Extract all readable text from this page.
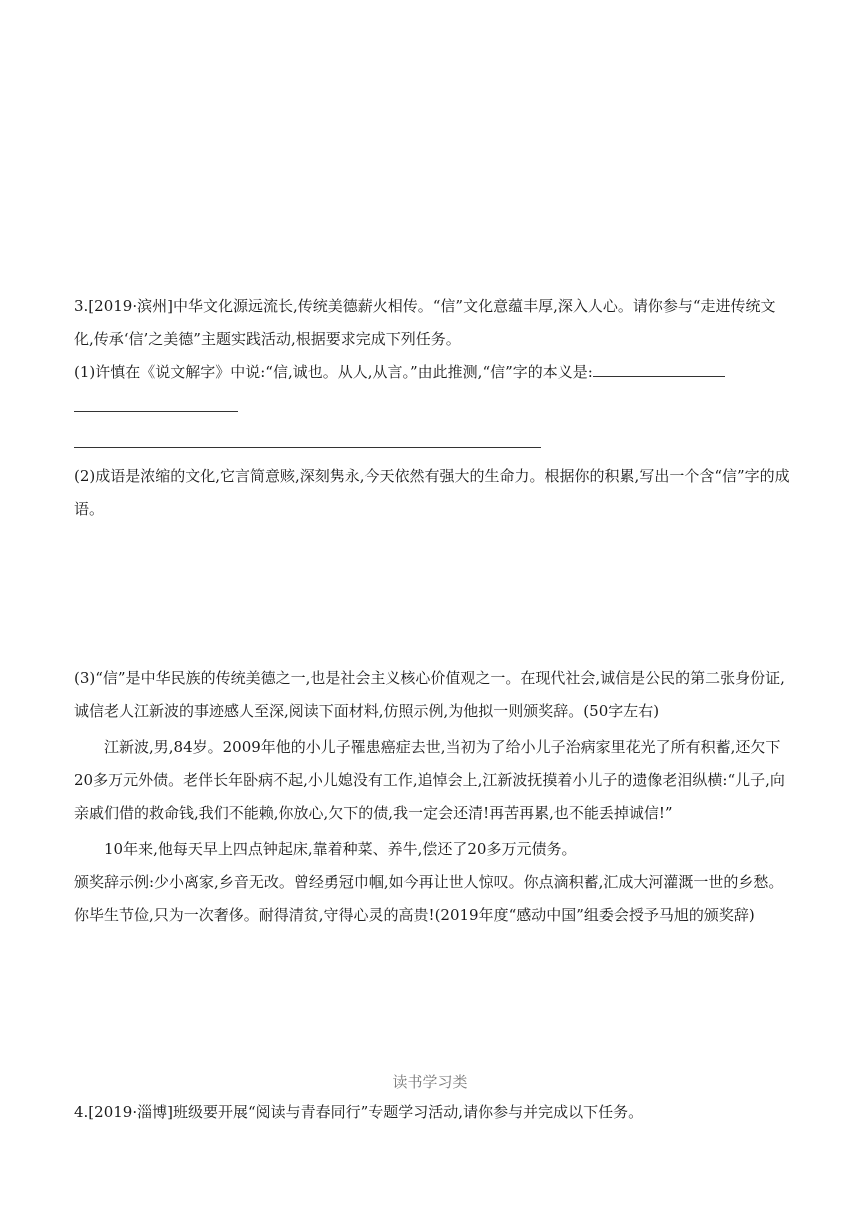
3.[2019·滨州]中华文化源远流长,传统美德薪火相传。“信”文化意蕴丰厚,深入人心。请你参与“走进传统文化,传承‘信’之美德”主题实践活动,根据要求完成下列任务。

(1)许慎在《说文解字》中说:“信,诚也。从人,从言。”由此推测,“信”字的本义是:

(2)成语是浓缩的文化,它言简意赅,深刻隽永,今天依然有强大的生命力。根据你的积累,写出一个含“信”字的成语。

(3)“信”是中华民族的传统美德之一,也是社会主义核心价值观之一。在现代社会,诚信是公民的第二张身份证,诚信老人江新波的事迹感人至深,阅读下面材料,仿照示例,为他拟一则颁奖辞。(50字左右)

江新波,男,84岁。2009年他的小儿子罹患癌症去世,当初为了给小儿子治病家里花光了所有积蓄,还欠下20多万元外债。老伴长年卧病不起,小儿媳没有工作,追悼会上,江新波抚摸着小儿子的遗像老泪纵横:“儿子,向亲戚们借的救命钱,我们不能赖,你放心,欠下的债,我一定会还清!再苦再累,也不能丢掉诚信!”

10年来,他每天早上四点钟起床,靠着种菜、养牛,偿还了20多万元债务。

颁奖辞示例:少小离家,乡音无改。曾经勇冠巾帼,如今再让世人惊叹。你点滴积蓄,汇成大河灌溉一世的乡愁。你毕生节俭,只为一次奢侈。耐得清贫,守得心灵的高贵!(2019年度“感动中国”组委会授予马旭的颁奖辞)

读书学习类

4.[2019·淄博]班级要开展“阅读与青春同行”专题学习活动,请你参与并完成以下任务。
